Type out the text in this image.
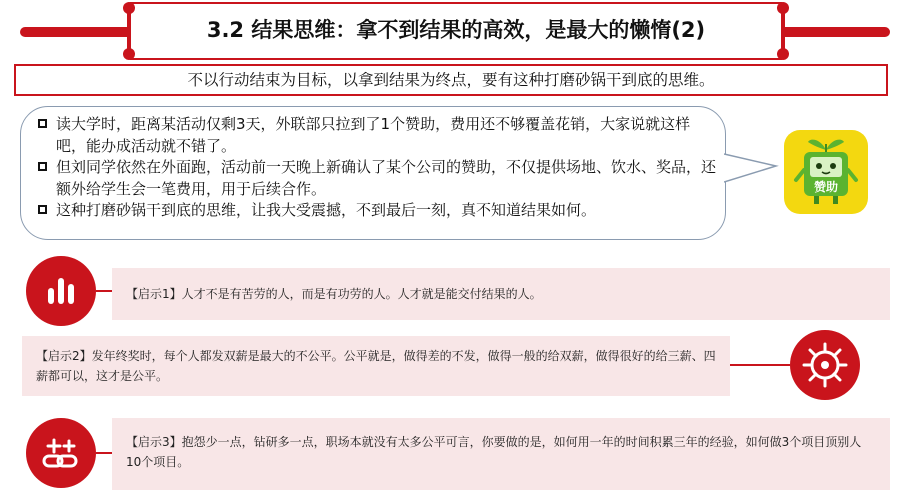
3.2 结果思维：拿不到结果的高效，是最大的懒惰(2)
不以行动结束为目标，以拿到结果为终点，要有这种打磨砂锅干到底的思维。
读大学时，距离某活动仅剩3天，外联部只拉到了1个赞助，费用还不够覆盖花销，大家说就这样吧，能办成活动就不错了。
但刘同学依然在外面跑，活动前一天晚上新确认了某个公司的赞助，不仅提供场地、饮水、奖品，还额外给学生会一笔费用，用于后续合作。
这种打磨砂锅干到底的思维，让我大受震撼，不到最后一刻，真不知道结果如何。
赞助
【启示1】人才不是有苦劳的人，而是有功劳的人。人才就是能交付结果的人。
【启示2】发年终奖时，每个人都发双薪是最大的不公平。公平就是，做得差的不发，做得一般的给双薪，做得很好的给三薪、四薪都可以，这才是公平。
【启示3】抱怨少一点，钻研多一点，职场本就没有太多公平可言，你要做的是，如何用一年的时间积累三年的经验，如何做3个项目顶别人10个项目。
